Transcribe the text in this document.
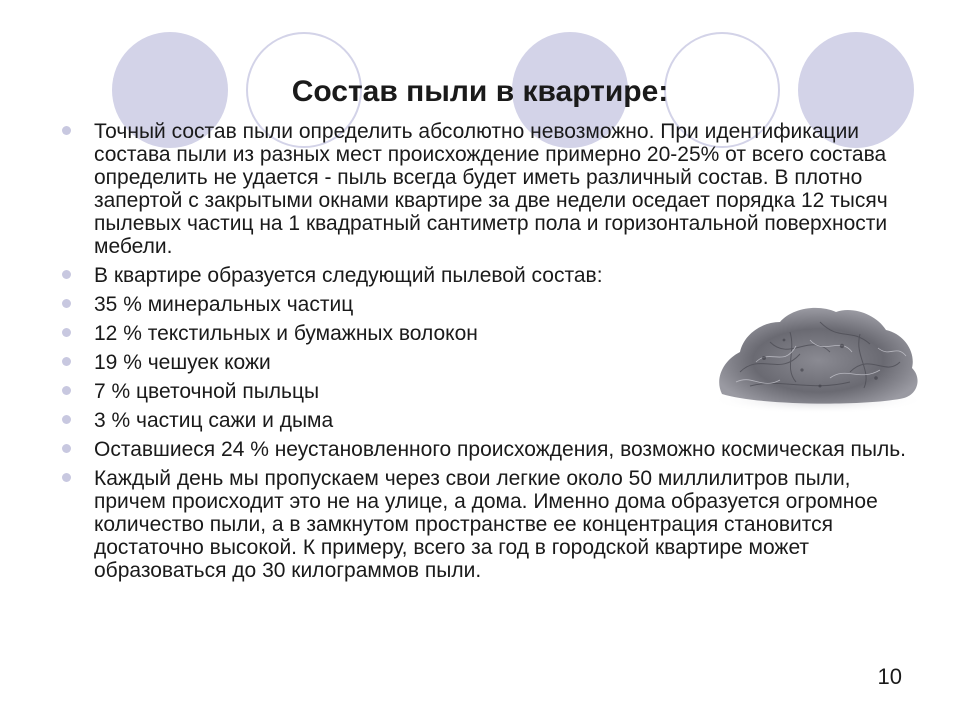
Состав пыли в квартире:
Точный состав пыли определить абсолютно невозможно. При идентификации состава пыли из разных мест происхождение примерно 20-25% от всего состава определить не удается - пыль всегда будет иметь различный состав. В плотно запертой с закрытыми окнами квартире за две недели оседает порядка 12 тысяч пылевых частиц на 1 квадратный сантиметр пола и горизонтальной поверхности мебели.
В квартире образуется следующий пылевой состав:
35 % минеральных частиц
12 % текстильных и бумажных волокон
19 % чешуек кожи
7 % цветочной пыльцы
3 % частиц сажи и дыма
Оставшиеся 24 % неустановленного происхождения, возможно космическая пыль.
Каждый день мы пропускаем через свои легкие около 50 миллилитров пыли, причем происходит это не на улице, а дома. Именно дома образуется огромное количество пыли, а в замкнутом пространстве ее концентрация становится достаточно высокой. К примеру, всего за год в городской квартире может образоваться до 30 килограммов пыли.
10
